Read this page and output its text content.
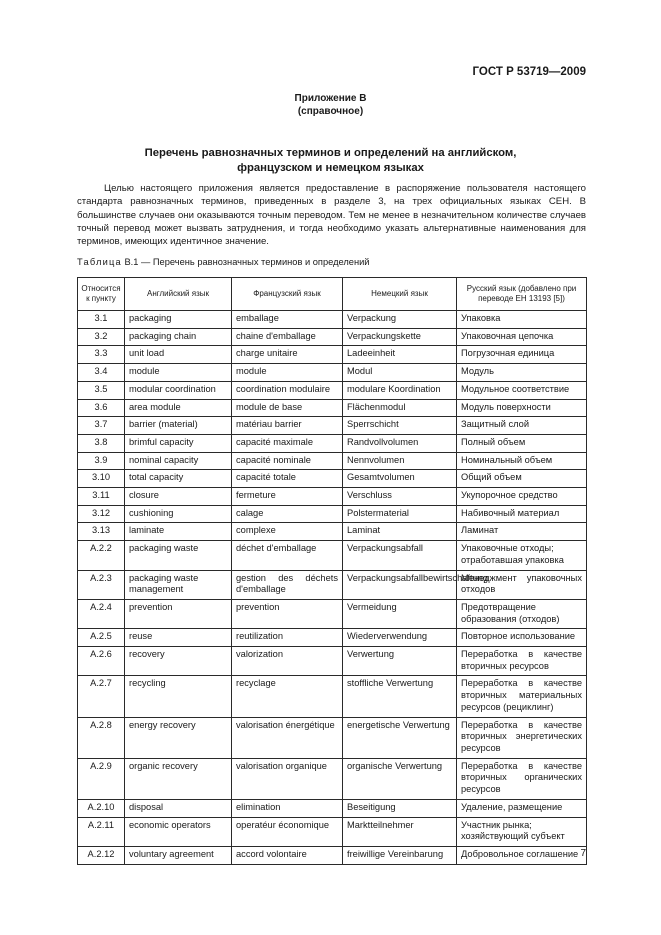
ГОСТ Р 53719—2009
Приложение В
(справочное)
Перечень равнозначных терминов и определений на английском,
французском и немецком языках

Целью настоящего приложения является предоставление в распоряжение пользователя настоящего стандарта равнозначных терминов, приведенных в разделе 3, на трех официальных языках СЕН. В большинстве случаев они оказываются точным переводом. Тем не менее в незначительном количестве случаев точный перевод может вызвать затруднения, и тогда необходимо указать альтернативные наименования для терминов, имеющих идентичное значение.

Таблица В.1 — Перечень равнозначных терминов и определений
Относится к пункту	Английский язык	Французский язык	Немецкий язык	Русский язык (добавлено при переводе ЕН 13193 [5])
3.1	packaging	emballage	Verpackung	Упаковка
3.2	packaging chain	chaine d'emballage	Verpackungskette	Упаковочная цепочка
3.3	unit load	charge unitaire	Ladeeinheit	Погрузочная единица
3.4	module	module	Modul	Модуль
3.5	modular coordination	coordination modulaire	modulare Koordination	Модульное соответствие
3.6	area module	module de base	Flächenmodul	Модуль поверхности
3.7	barrier (material)	matériau barrier	Sperrschicht	Защитный слой
3.8	brimful capacity	capacité maximale	Randvollvolumen	Полный объем
3.9	nominal capacity	capacité nominale	Nennvolumen	Номинальный объем
3.10	total capacity	capacité totale	Gesamtvolumen	Общий объем
3.11	closure	fermeture	Verschluss	Укупорочное средство
3.12	cushioning	calage	Polstermaterial	Набивочный материал
3.13	laminate	complexe	Laminat	Ламинат
А.2.2	packaging waste	déchet d'emballage	Verpackungsabfall	Упаковочные отходы; отработавшая упаковка
А.2.3	packaging waste management	gestion des déchets d'emballage	Verpackungsabfallbewirtschaftung	Менеджмент упаковочных отходов
А.2.4	prevention	prevention	Vermeidung	Предотвращение образования (отходов)
А.2.5	reuse	reutilization	Wiederverwendung	Повторное использование
А.2.6	recovery	valorization	Verwertung	Переработка в качестве вторичных ресурсов
А.2.7	recycling	recyclage	stoffliche Verwertung	Переработка в качестве вторичных материальных ресурсов (рециклинг)
А.2.8	energy recovery	valorisation énergétique	energetische Verwertung	Переработка в качестве вторичных энергетических ресурсов
А.2.9	organic recovery	valorisation organique	organische Verwertung	Переработка в качестве вторичных органических ресурсов
А.2.10	disposal	elimination	Beseitigung	Удаление, размещение
А.2.11	economic operators	operatéur économique	Marktteilnehmer	Участник рынка; хозяйствующий субъект
А.2.12	voluntary agreement	accord volontaire	freiwillige Vereinbarung	Добровольное соглашение 7
